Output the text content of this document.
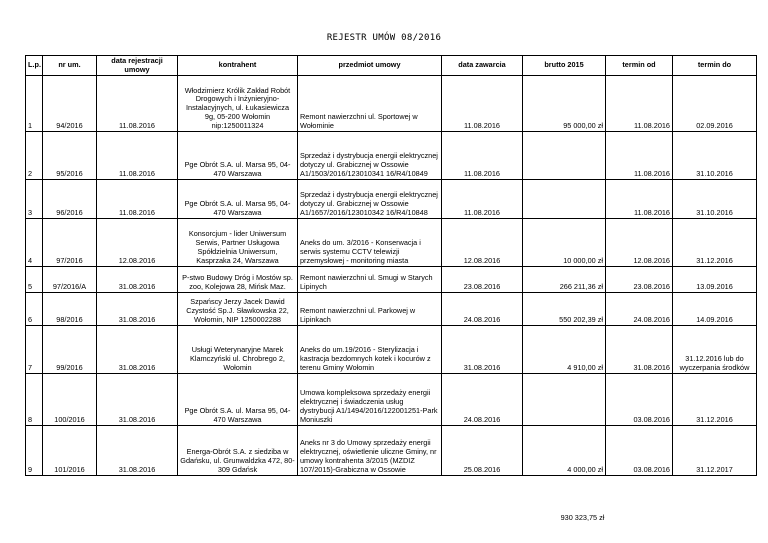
REJESTR UMÓW 08/2016
L.p.	nr um.	data rejestracji umowy	kontrahent	przedmiot umowy	data zawarcia	brutto 2015	termin od	termin do
1	94/2016	11.08.2016	Włodzimierz Królik Zakład Robót Drogowych i Inżynieryjno-Instalacyjnych, ul. Łukasiewicza 9g, 05-200 Wołomin nip:1250011324	Remont nawierzchni ul. Sportowej w Wołominie	11.08.2016	95 000,00 zł	11.08.2016	02.09.2016
2	95/2016	11.08.2016	Pge Obrót S.A. ul. Marsa 95, 04-470 Warszawa	Sprzedaż i dystrybucja energii elektrycznej dotyczy ul. Grabicznej w Ossowie A1/1503/2016/123010341 16/R4/10849	11.08.2016		11.08.2016	31.10.2016
3	96/2016	11.08.2016	Pge Obrót S.A. ul. Marsa 95, 04-470 Warszawa	Sprzedaż i dystrybucja energii elektrycznej dotyczy ul. Grabicznej w Ossowie A1/1657/2016/123010342 16/R4/10848	11.08.2016		11.08.2016	31.10.2016
4	97/2016	12.08.2016	Konsorcjum - lider Uniwersum Serwis, Partner Usługowa Spółdzielnia Uniwersum, Kasprzaka 24, Warszawa	Aneks do um. 3/2016 - Konserwacja i serwis systemu CCTV telewizji przemysłowej - monitoring miasta	12.08.2016	10 000,00 zł	12.08.2016	31.12.2016
5	97/2016/A	31.08.2016	P-stwo Budowy Dróg i Mostów sp. zoo, Kolejowa 28, Mińsk Maz.	Remont nawierzchni ul. Smugi w Starych Lipinych	23.08.2016	266 211,36 zł	23.08.2016	13.09.2016
6	98/2016	31.08.2016	Szpańscy Jerzy Jacek Dawid Czystość Sp.J. Sławkowska 22, Wołomin, NIP 1250002288	Remont nawierzchni ul. Parkowej w Lipinkach	24.08.2016	550 202,39 zł	24.08.2016	14.09.2016
7	99/2016	31.08.2016	Usługi Weterynaryjne Marek Klamczyński ul. Chrobrego 2, Wołomin	Aneks do um.19/2016 - Sterylizacja i kastracja bezdomnych kotek i kocurów z terenu Gminy Wołomin	31.08.2016	4 910,00 zł	31.08.2016	31.12.2016 lub do wyczerpania środków
8	100/2016	31.08.2016	Pge Obrót S.A. ul. Marsa 95, 04-470 Warszawa	Umowa kompleksowa sprzedaży energii elektrycznej i świadczenia usług dystrybucji A1/1494/2016/122001251-Park Moniuszki	24.08.2016		03.08.2016	31.12.2016
9	101/2016	31.08.2016	Energa-Obrót S.A. z siedziba w Gdańsku, ul. Grunwaldzka 472, 80-309 Gdańsk	Aneks nr 3 do Umowy sprzedaży energii elektrycznej, oświetlenie uliczne Gminy, nr umowy kontrahenta 3/2015 (MZDIZ 107/2015)-Grabiczna w Ossowie	25.08.2016	4 000,00 zł	03.08.2016	31.12.2017
930 323,75 zł
